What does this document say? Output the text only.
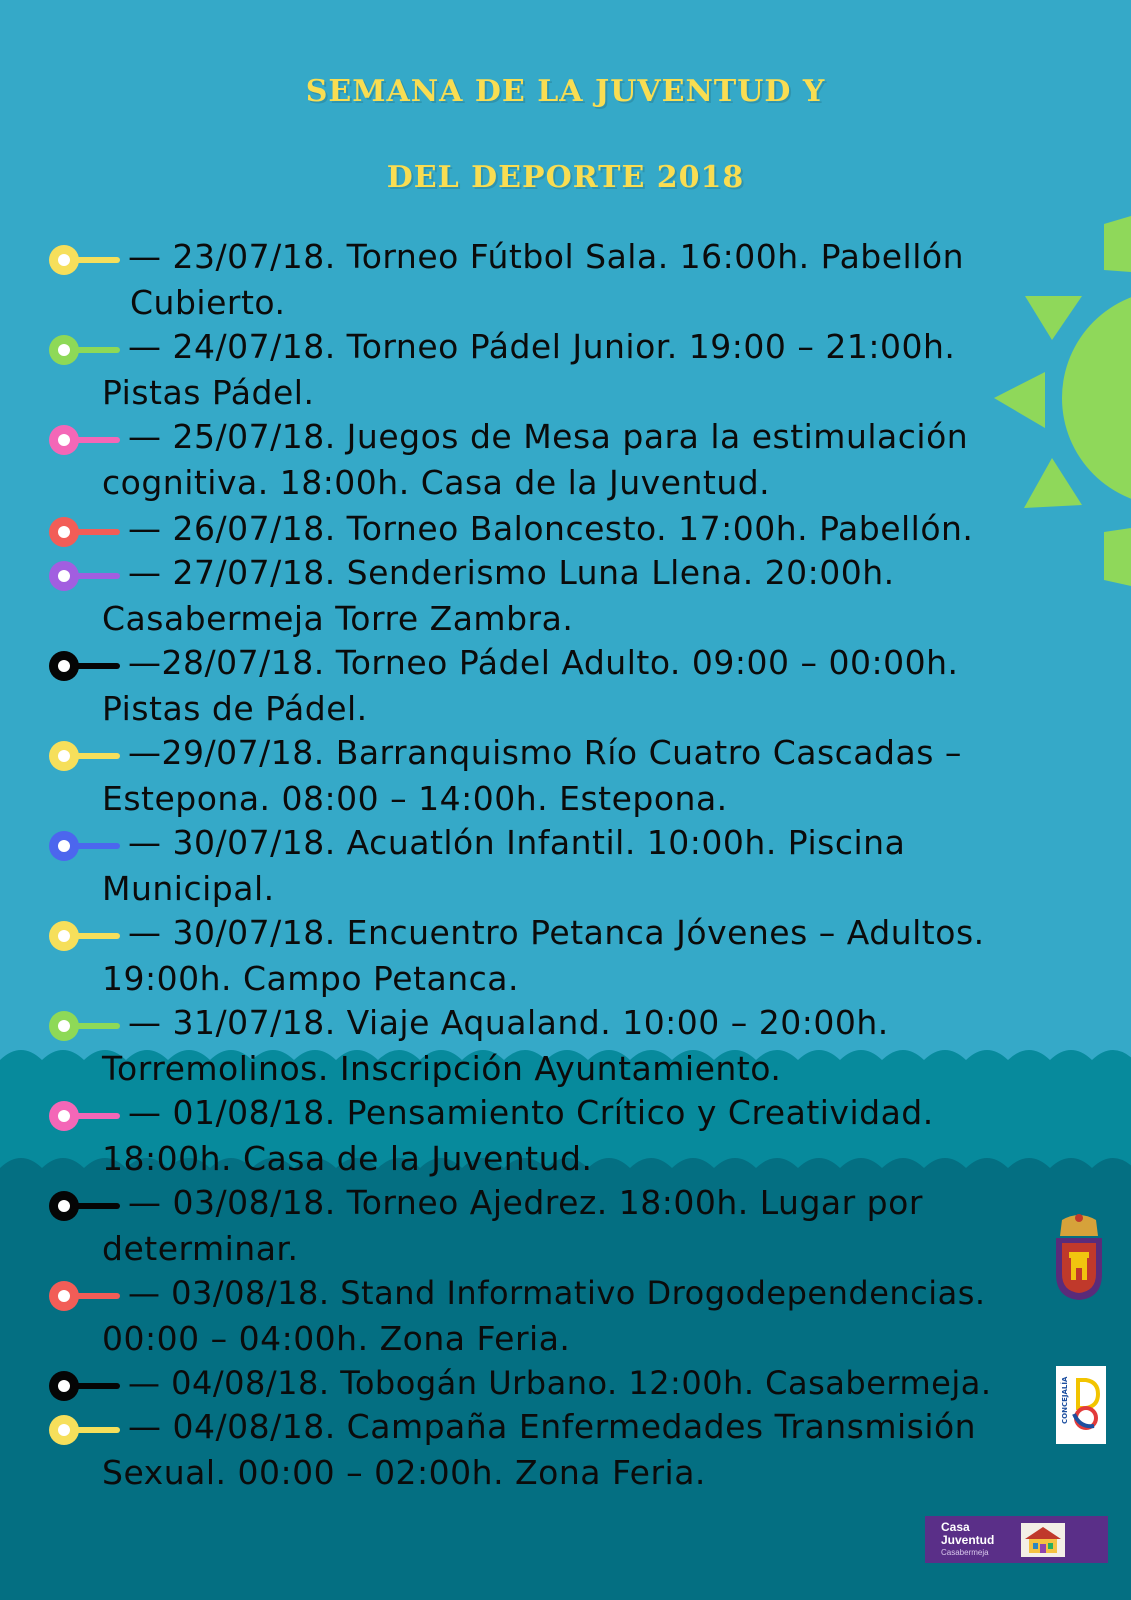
SEMANA DE LA JUVENTUD Y
DEL DEPORTE 2018
— 23/07/18. Torneo Fútbol Sala. 16:00h. Pabellón
Cubierto.
— 24/07/18. Torneo Pádel Junior. 19:00 – 21:00h.
Pistas Pádel.
— 25/07/18. Juegos de Mesa para la estimulación
cognitiva. 18:00h. Casa de la Juventud.
— 26/07/18. Torneo Baloncesto. 17:00h. Pabellón.
— 27/07/18. Senderismo Luna Llena. 20:00h.
Casabermeja Torre Zambra.
—28/07/18. Torneo Pádel Adulto. 09:00 – 00:00h.
Pistas de Pádel.
—29/07/18. Barranquismo Río Cuatro Cascadas –
Estepona. 08:00 – 14:00h. Estepona.
— 30/07/18. Acuatlón Infantil. 10:00h. Piscina
Municipal.
— 30/07/18. Encuentro Petanca Jóvenes – Adultos.
19:00h. Campo Petanca.
— 31/07/18. Viaje Aqualand. 10:00 – 20:00h.
Torremolinos. Inscripción Ayuntamiento.
— 01/08/18. Pensamiento Crítico y Creatividad.
18:00h. Casa de la Juventud.
— 03/08/18. Torneo Ajedrez. 18:00h. Lugar por
determinar.
— 03/08/18. Stand Informativo Drogodependencias.
00:00 – 04:00h. Zona Feria.
— 04/08/18. Tobogán Urbano. 12:00h. Casabermeja.
— 04/08/18. Campaña Enfermedades Transmisión
Sexual. 00:00 – 02:00h. Zona Feria.
CONCEJALÍA
Casa
Juventud
Casabermeja
